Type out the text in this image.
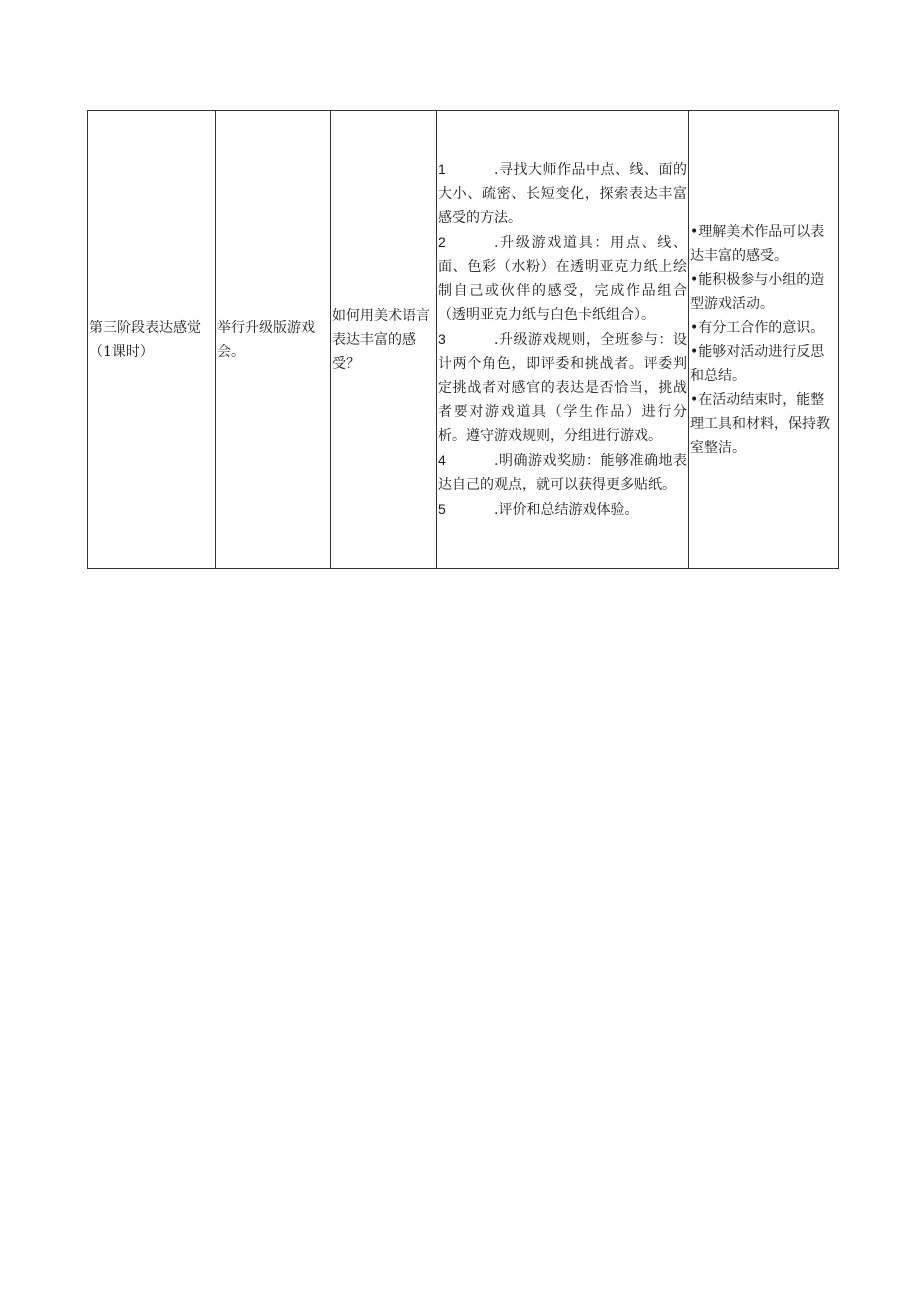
第三阶段表达感觉（1课时）	举行升级版游戏会。	如何用美术语言表达丰富的感受？	
1	.寻找大师作品中点、线、面的大小、疏密、长短变化，探索表达丰富感受的方法。
2	.升级游戏道具：用点、线、面、色彩（水粉）在透明亚克力纸上绘制自己或伙伴的感受，完成作品组合（透明亚克力纸与白色卡纸组合）。
3	.升级游戏规则，全班参与：设计两个角色，即评委和挑战者。评委判定挑战者对感官的表达是否恰当，挑战者要对游戏道具（学生作品）进行分析。遵守游戏规则，分组进行游戏。
4	.明确游戏奖励：能够准确地表达自己的观点，就可以获得更多贴纸。
5	.评价和总结游戏体验。

•理解美术作品可以表达丰富的感受。
•能积极参与小组的造型游戏活动。
•有分工合作的意识。
•能够对活动进行反思和总结。
•在活动结束时，能整理工具和材料，保持教室整洁。
